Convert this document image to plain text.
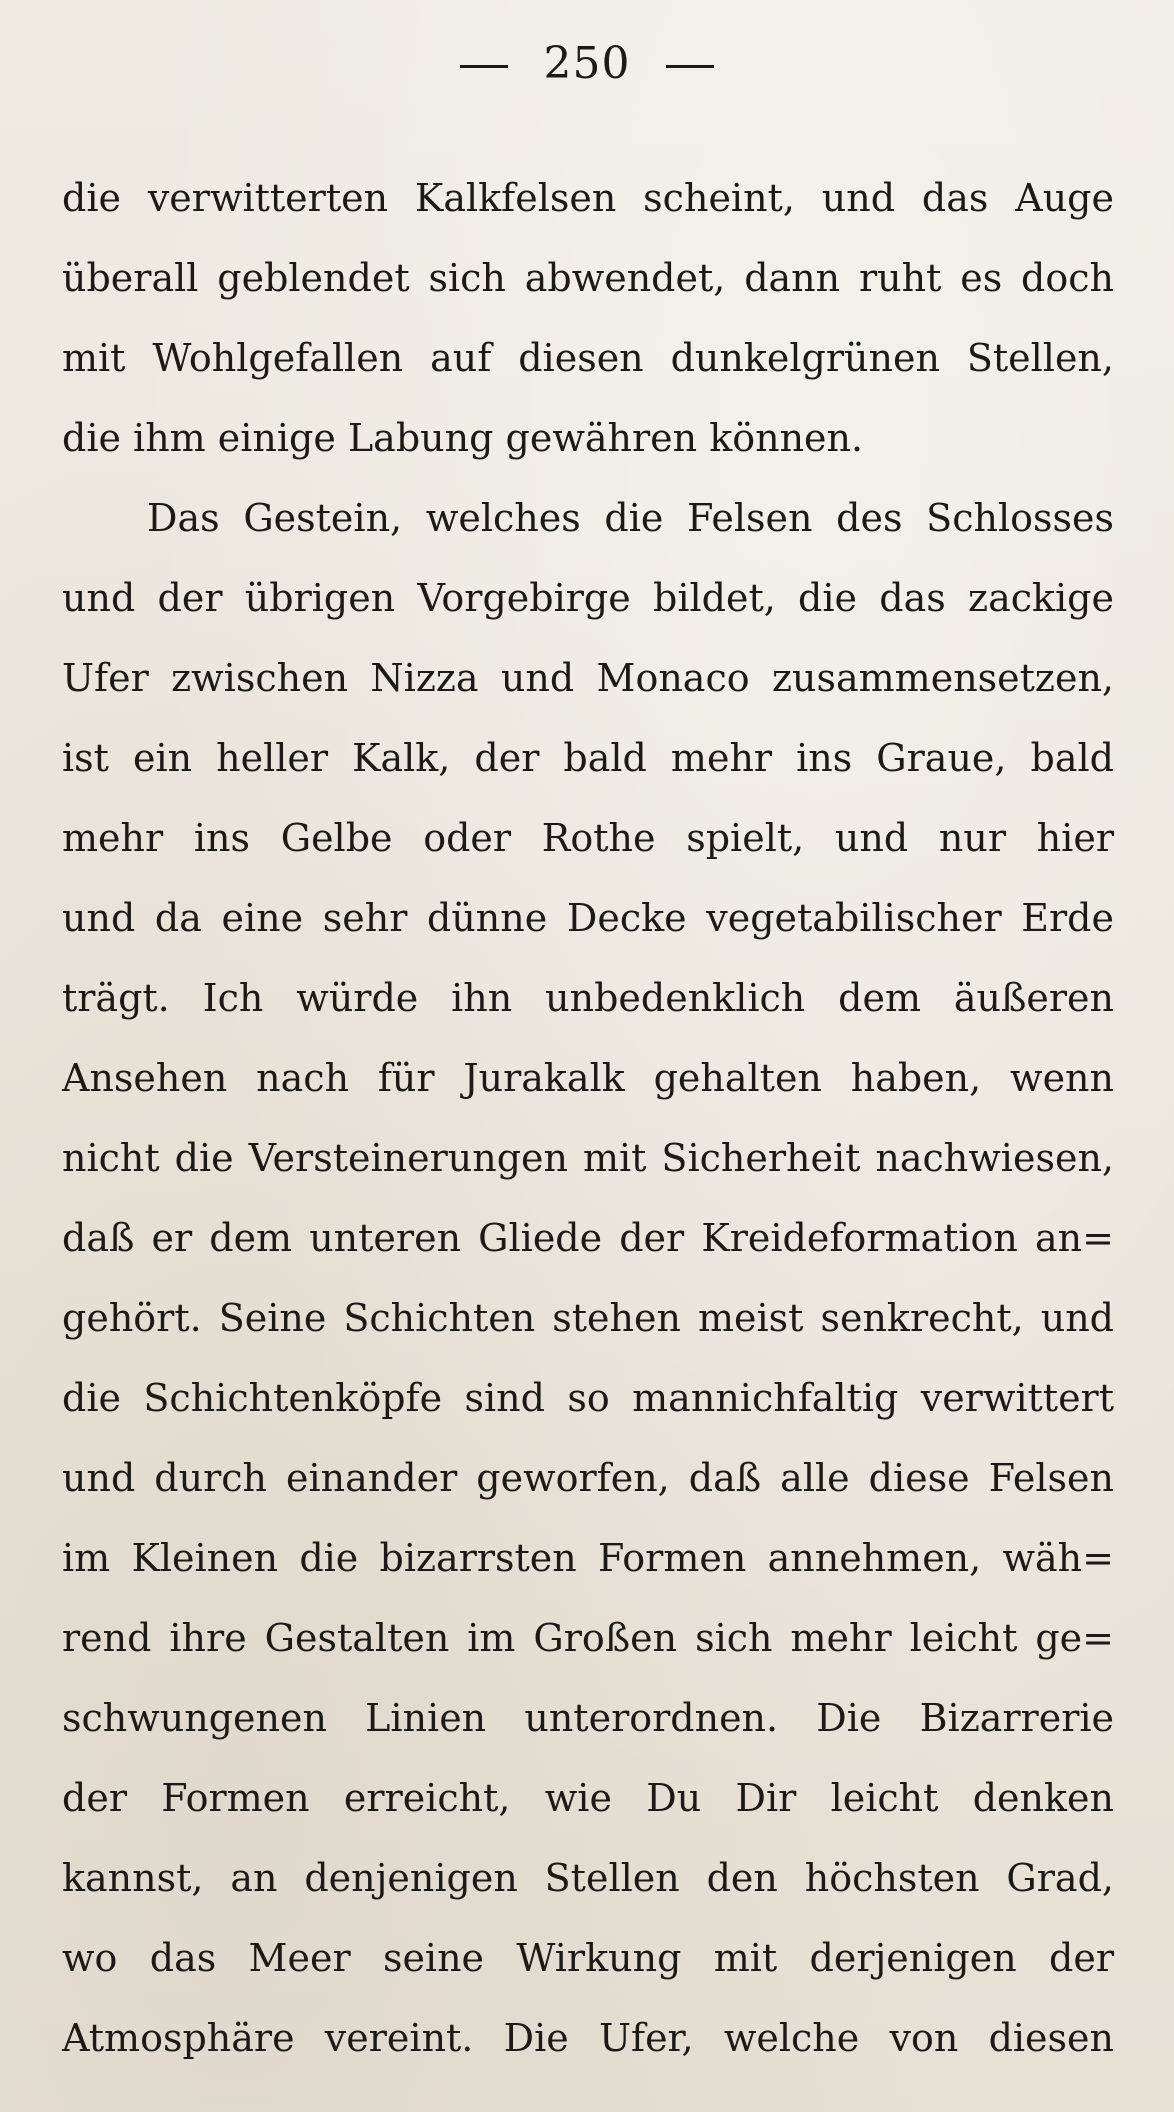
250
die verwitterten Kalkfelsen scheint, und das Auge
überall geblendet sich abwendet, dann ruht es doch
mit Wohlgefallen auf diesen dunkelgrünen Stellen,
die ihm einige Labung gewähren können.
Das Gestein, welches die Felsen des Schlosses
und der übrigen Vorgebirge bildet, die das zackige
Ufer zwischen Nizza und Monaco zusammensetzen,
ist ein heller Kalk, der bald mehr ins Graue, bald
mehr ins Gelbe oder Rothe spielt, und nur hier
und da eine sehr dünne Decke vegetabilischer Erde
trägt. Ich würde ihn unbedenklich dem äußeren
Ansehen nach für Jurakalk gehalten haben, wenn
nicht die Versteinerungen mit Sicherheit nachwiesen,
daß er dem unteren Gliede der Kreideformation an=
gehört. Seine Schichten stehen meist senkrecht, und
die Schichtenköpfe sind so mannichfaltig verwittert
und durch einander geworfen, daß alle diese Felsen
im Kleinen die bizarrsten Formen annehmen, wäh=
rend ihre Gestalten im Großen sich mehr leicht ge=
schwungenen Linien unterordnen. Die Bizarrerie
der Formen erreicht, wie Du Dir leicht denken
kannst, an denjenigen Stellen den höchsten Grad,
wo das Meer seine Wirkung mit derjenigen der
Atmosphäre vereint. Die Ufer, welche von diesen
